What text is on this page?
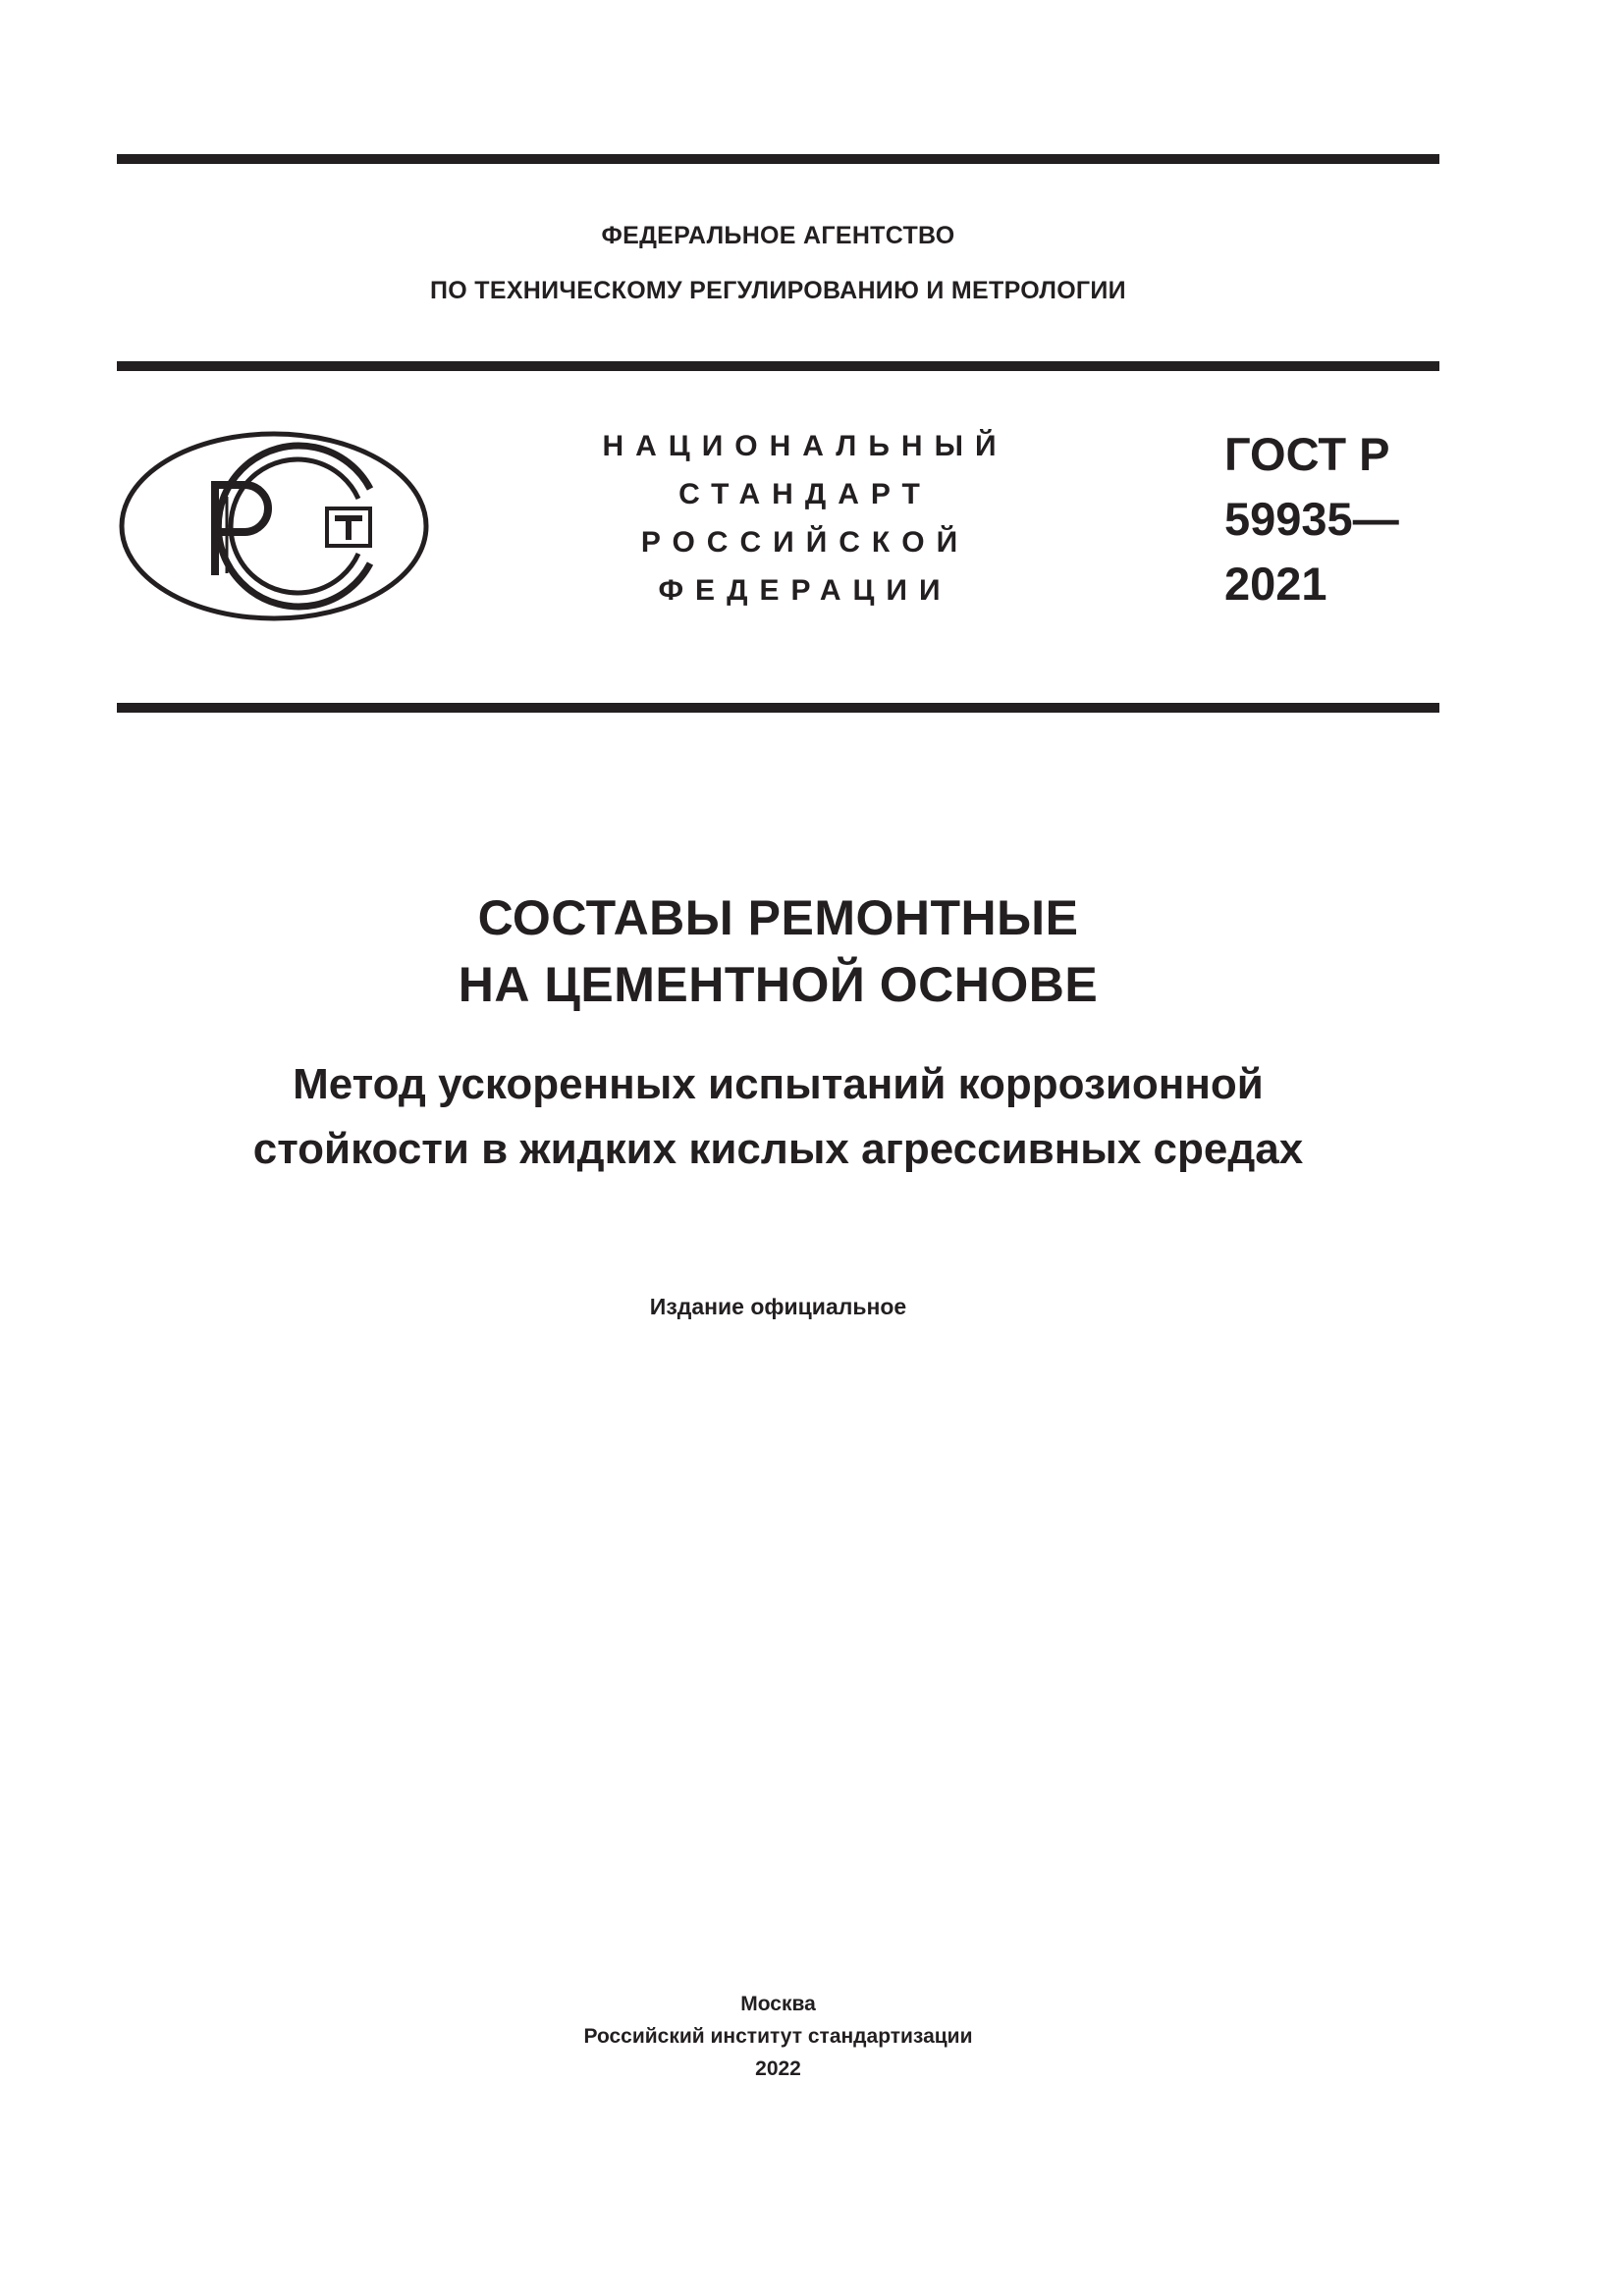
ФЕДЕРАЛЬНОЕ АГЕНТСТВО
ПО ТЕХНИЧЕСКОМУ РЕГУЛИРОВАНИЮ И МЕТРОЛОГИИ
НАЦИОНАЛЬНЫЙ
СТАНДАРТ
РОССИЙСКОЙ
ФЕДЕРАЦИИ
ГОСТ Р
59935—
2021
СОСТАВЫ РЕМОНТНЫЕ
НА ЦЕМЕНТНОЙ ОСНОВЕ
Метод ускоренных испытаний коррозионной
стойкости в жидких кислых агрессивных средах
Издание официальное
Москва
Российский институт стандартизации
2022
